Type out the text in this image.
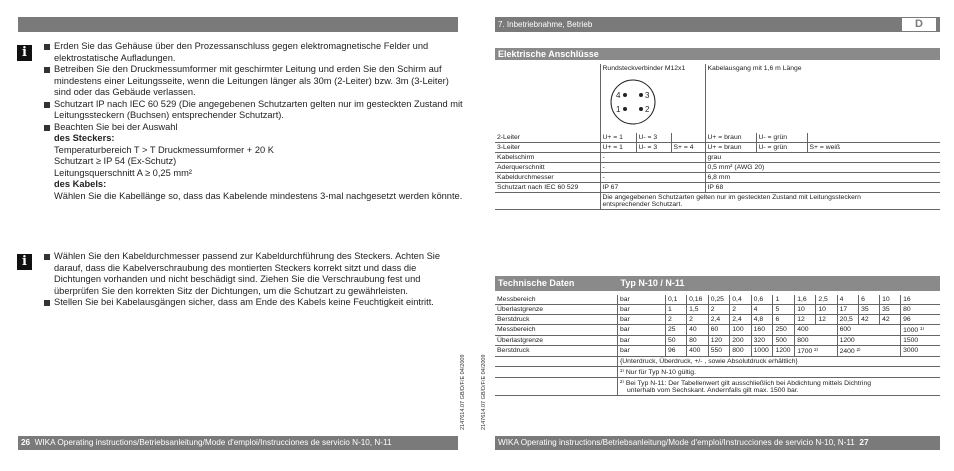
i	Erden Sie das Gehäuse über den Prozessanschluss gegen elektromagnetische Felder und elektrostatische Aufladungen.
Betreiben Sie den Druckmessumformer mit geschirmter Leitung und erden Sie den Schirm auf mindestens einer Leitungsseite, wenn die Leitungen länger als 30m (2-Leiter) bzw. 3m (3-Leiter) sind oder das Gebäude verlassen.
Schutzart IP nach IEC 60 529 (Die angegebenen Schutzarten gelten nur im gesteckten Zustand mit Leitungssteckern (Buchsen) entsprechender Schutzart).
Beachten Sie bei der Auswahl
des Steckers:
Temperaturbereich T > T Druckmessumformer + 20 K
Schutzart ≥ IP 54 (Ex-Schutz)
Leitungsquerschnitt A ≥ 0,25 mm²
des Kabels:
Wählen Sie die Kabellänge so, dass das Kabelende mindestens 3-mal nachgesetzt werden könnte.
i	Wählen Sie den Kabeldurchmesser passend zur Kabeldurchführung des Steckers. Achten Sie darauf, dass die Kabelverschraubung des montierten Steckers korrekt sitzt und dass die Dichtungen vorhanden und nicht beschädigt sind. Ziehen Sie die Verschraubung fest und überprüfen Sie den korrekten Sitz der Dichtungen, um die Schutzart zu gewährleisten.
Stellen Sie bei Kabelausgängen sicher, dass am Ende des Kabels keine Feuchtigkeit eintritt.
26 WIKA Operating instructions/Betriebsanleitung/Mode d'emploi/Instrucciones de servicio N-10, N-11
2147614.07 GB/D/F/E 04/2009	2147614.07 GB/D/F/E 04/2009
7. Inbetriebnahme, Betrieb	D
Elektrische Anschlüsse
	Rundsteckverbinder M12x1			Kabelausgang mit 1,6 m Länge		

4 3
1 2					

2-Leiter	U+ = 1	U- = 3		U+ = braun	U- = grün	
3-Leiter	U+ = 1	U- = 3	S+ = 4	U+ = braun	U- = grün	S+ = weiß
Kabelschirm	-			grau		
Aderquerschnitt	-			0,5 mm² (AWG 20)		
Kabeldurchmesser	-			6,8 mm		
Schutzart nach IEC 60 529	IP 67			IP 68		

	Die angegebenen Schutzarten gelten nur im gesteckten Zustand mit Leitungssteckern
entsprechender Schutzart.					
Technische Daten	Typ N-10 / N-11												

Messbereich	bar	0,1	0,16	0,25	0,4	0,6	1	1,6	2,5	4	6	10	16
Überlastgrenze	bar	1	1,5	2	2	4	5	10	10	17	35	35	80
Berstdruck	bar	2	2	2,4	2,4	4,8	6	12	12	20,5	42	42	96
Messbereich	bar	25	40	60	100	160	250	400		600			1000 ¹⁾
Überlastgrenze	bar	50	80	120	200	320	500	800		1200			1500
Berstdruck	bar	96	400	550	800	1000	1200	1700 ²⁾		2400 ²⁾			3000
	{Unterdruck, Überdruck, +/- , sowie Absolutdruck erhältlich}												
	¹⁾ Nur für Typ N-10 gültig.												

	²⁾ Bei Typ N-11: Der Tabellenwert gilt ausschließlich bei Abdichtung mittels Dichtring
unterhalb vom Sechskant. Andernfalls gilt max. 1500 bar.												
WIKA Operating instructions/Betriebsanleitung/Mode d'emploi/Instrucciones de servicio N-10, N-11 27
